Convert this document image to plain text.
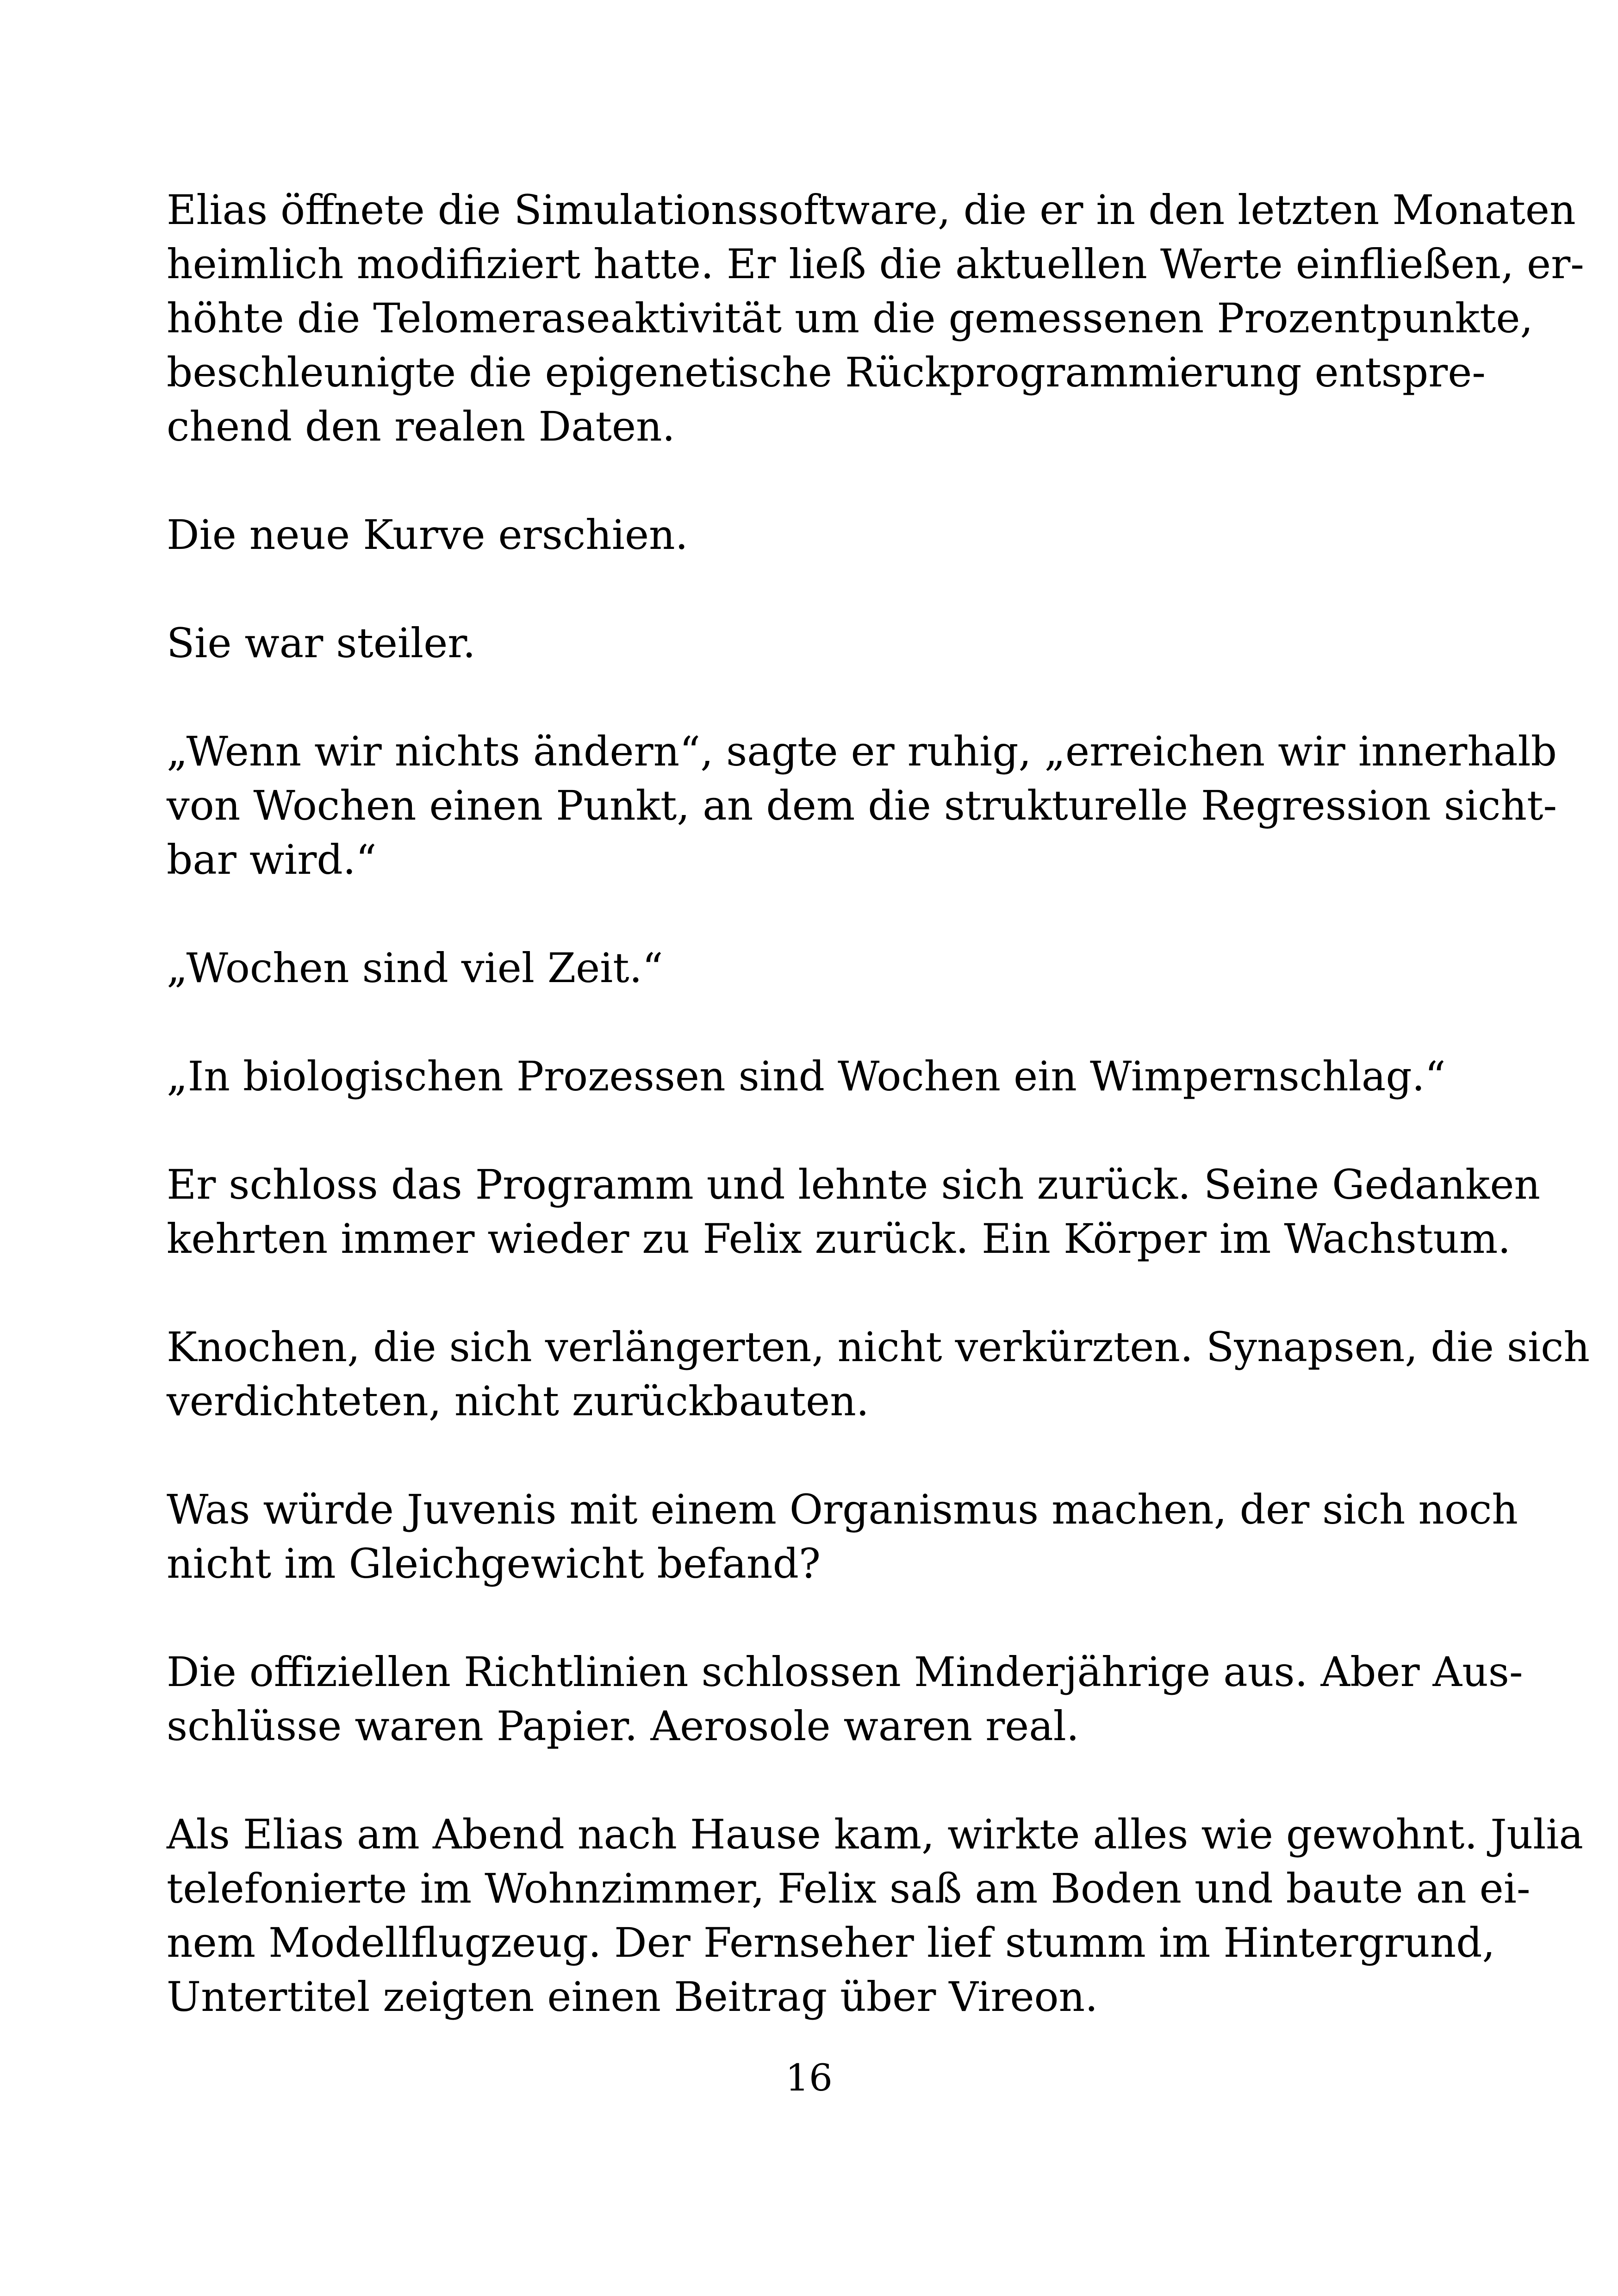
Elias öffnete die Simulationssoftware, die er in den letzten Monaten
heimlich modifiziert hatte. Er ließ die aktuellen Werte einfließen, er-
höhte die Telomeraseaktivität um die gemessenen Prozentpunkte,
beschleunigte die epigenetische Rückprogrammierung entspre-
chend den realen Daten.
Die neue Kurve erschien.
Sie war steiler.
„Wenn wir nichts ändern“, sagte er ruhig, „erreichen wir innerhalb
von Wochen einen Punkt, an dem die strukturelle Regression sicht-
bar wird.“
„Wochen sind viel Zeit.“
„In biologischen Prozessen sind Wochen ein Wimpernschlag.“
Er schloss das Programm und lehnte sich zurück. Seine Gedanken
kehrten immer wieder zu Felix zurück. Ein Körper im Wachstum.
Knochen, die sich verlängerten, nicht verkürzten. Synapsen, die sich
verdichteten, nicht zurückbauten.
Was würde Juvenis mit einem Organismus machen, der sich noch
nicht im Gleichgewicht befand?
Die offiziellen Richtlinien schlossen Minderjährige aus. Aber Aus-
schlüsse waren Papier. Aerosole waren real.
Als Elias am Abend nach Hause kam, wirkte alles wie gewohnt. Julia
telefonierte im Wohnzimmer, Felix saß am Boden und baute an ei-
nem Modellflugzeug. Der Fernseher lief stumm im Hintergrund,
Untertitel zeigten einen Beitrag über Vireon.
16
